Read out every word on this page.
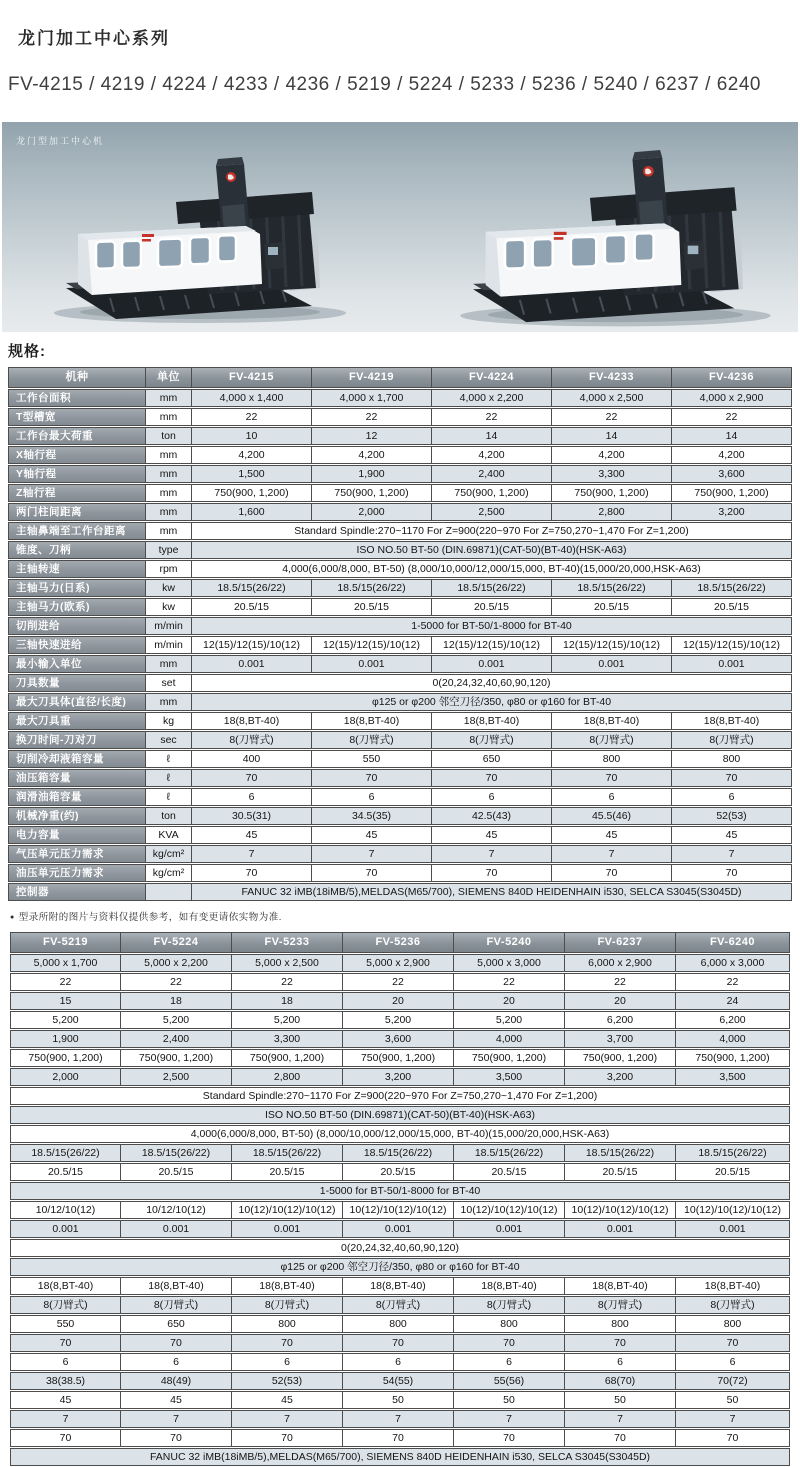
龙门加工中心系列
FV-4215 / 4219 / 4224 / 4233 / 4236 / 5219 / 5224 / 5233 / 5236 / 5240 / 6237 / 6240
龙门型加工中心机
规格:
机种	单位	FV-4215	FV-4219	FV-4224	FV-4233	FV-4236
工作台面积	mm	4,000 x 1,400	4,000 x 1,700	4,000 x 2,200	4,000 x 2,500	4,000 x 2,900
T型槽宽	mm	22	22	22	22	22
工作台最大荷重	ton	10	12	14	14	14
X轴行程	mm	4,200	4,200	4,200	4,200	4,200
Y轴行程	mm	1,500	1,900	2,400	3,300	3,600
Z轴行程	mm	750(900, 1,200)	750(900, 1,200)	750(900, 1,200)	750(900, 1,200)	750(900, 1,200)
两门柱间距离	mm	1,600	2,000	2,500	2,800	3,200
主轴鼻端至工作台距离	mm	Standard Spindle:270~1170 For Z=900(220~970 For Z=750,270~1,470 For Z=1,200)				
锥度、刀柄	type	ISO NO.50 BT-50 (DIN.69871)(CAT-50)(BT-40)(HSK-A63)				
主轴转速	rpm	4,000(6,000/8,000, BT-50) (8,000/10,000/12,000/15,000, BT-40)(15,000/20,000,HSK-A63)				
主轴马力(日系)	kw	18.5/15(26/22)	18.5/15(26/22)	18.5/15(26/22)	18.5/15(26/22)	18.5/15(26/22)
主轴马力(欧系)	kw	20.5/15	20.5/15	20.5/15	20.5/15	20.5/15
切削进给	m/min	1-5000 for BT-50/1-8000 for BT-40				
三轴快速进给	m/min	12(15)/12(15)/10(12)	12(15)/12(15)/10(12)	12(15)/12(15)/10(12)	12(15)/12(15)/10(12)	12(15)/12(15)/10(12)
最小输入单位	mm	0.001	0.001	0.001	0.001	0.001
刀具数量	set	0(20,24,32,40,60,90,120)				
最大刀具体(直径/长度)	mm	φ125 or φ200 邻空刀径/350, φ80 or φ160 for BT-40				
最大刀具重	kg	18(8,BT-40)	18(8,BT-40)	18(8,BT-40)	18(8,BT-40)	18(8,BT-40)
换刀时间-刀对刀	sec	8(刀臂式)	8(刀臂式)	8(刀臂式)	8(刀臂式)	8(刀臂式)
切削冷却液箱容量	ℓ	400	550	650	800	800
油压箱容量	ℓ	70	70	70	70	70
润滑油箱容量	ℓ	6	6	6	6	6
机械净重(约)	ton	30.5(31)	34.5(35)	42.5(43)	45.5(46)	52(53)
电力容量	KVA	45	45	45	45	45
气压单元压力需求	kg/cm²	7	7	7	7	7
油压单元压力需求	kg/cm²	70	70	70	70	70
控制器		FANUC 32 iMB(18iMB/5),MELDAS(M65/700), SIEMENS 840D HEIDENHAIN i530, SELCA S3045(S3045D)				

● 型录所附的图片与资料仅提供参考，如有变更请依实物为准.

FV-5219	FV-5224	FV-5233	FV-5236	FV-5240	FV-6237	FV-6240
5,000 x 1,700	5,000 x 2,200	5,000 x 2,500	5,000 x 2,900	5,000 x 3,000	6,000 x 2,900	6,000 x 3,000
22	22	22	22	22	22	22
15	18	18	20	20	20	24
5,200	5,200	5,200	5,200	5,200	6,200	6,200
1,900	2,400	3,300	3,600	4,000	3,700	4,000
750(900, 1,200)	750(900, 1,200)	750(900, 1,200)	750(900, 1,200)	750(900, 1,200)	750(900, 1,200)	750(900, 1,200)
2,000	2,500	2,800	3,200	3,500	3,200	3,500
Standard Spindle:270~1170 For Z=900(220~970 For Z=750,270~1,470 For Z=1,200)						
ISO NO.50 BT-50 (DIN.69871)(CAT-50)(BT-40)(HSK-A63)						
4,000(6,000/8,000, BT-50) (8,000/10,000/12,000/15,000, BT-40)(15,000/20,000,HSK-A63)						
18.5/15(26/22)	18.5/15(26/22)	18.5/15(26/22)	18.5/15(26/22)	18.5/15(26/22)	18.5/15(26/22)	18.5/15(26/22)
20.5/15	20.5/15	20.5/15	20.5/15	20.5/15	20.5/15	20.5/15
1-5000 for BT-50/1-8000 for BT-40						
10/12/10(12)	10/12/10(12)	10(12)/10(12)/10(12)	10(12)/10(12)/10(12)	10(12)/10(12)/10(12)	10(12)/10(12)/10(12)	10(12)/10(12)/10(12)
0.001	0.001	0.001	0.001	0.001	0.001	0.001
0(20,24,32,40,60,90,120)						
φ125 or φ200 邻空刀径/350, φ80 or φ160 for BT-40						
18(8,BT-40)	18(8,BT-40)	18(8,BT-40)	18(8,BT-40)	18(8,BT-40)	18(8,BT-40)	18(8,BT-40)
8(刀臂式)	8(刀臂式)	8(刀臂式)	8(刀臂式)	8(刀臂式)	8(刀臂式)	8(刀臂式)
550	650	800	800	800	800	800
70	70	70	70	70	70	70
6	6	6	6	6	6	6
38(38.5)	48(49)	52(53)	54(55)	55(56)	68(70)	70(72)
45	45	45	50	50	50	50
7	7	7	7	7	7	7
70	70	70	70	70	70	70
FANUC 32 iMB(18iMB/5),MELDAS(M65/700), SIEMENS 840D HEIDENHAIN i530, SELCA S3045(S3045D)						
